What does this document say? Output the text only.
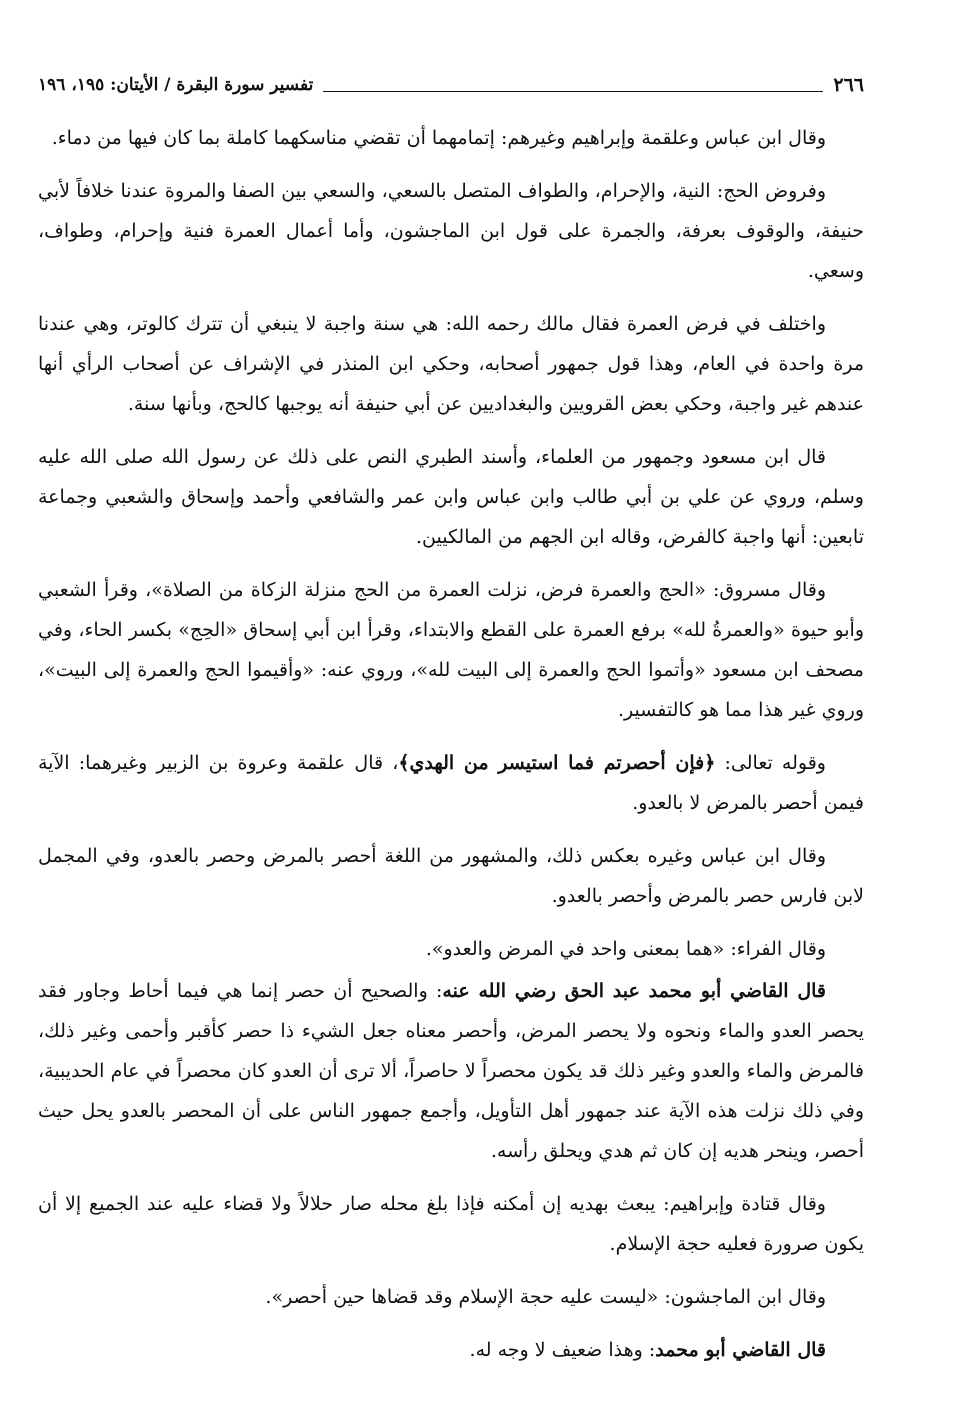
٢٦٦
تفسير سورة البقرة / الأيتان: ١٩٥، ١٩٦

وقال ابن عباس وعلقمة وإبراهيم وغيرهم: إتمامهما أن تقضي مناسكهما كاملة بما كان فيها من دماء.

وفروض الحج: النية، والإحرام، والطواف المتصل بالسعي، والسعي بين الصفا والمروة عندنا خلافاً لأبي حنيفة، والوقوف بعرفة، والجمرة على قول ابن الماجشون، وأما أعمال العمرة فنية وإحرام، وطواف، وسعي.

واختلف في فرض العمرة فقال مالك رحمه الله: هي سنة واجبة لا ينبغي أن تترك كالوتر، وهي عندنا مرة واحدة في العام، وهذا قول جمهور أصحابه، وحكي ابن المنذر في الإشراف عن أصحاب الرأي أنها عندهم غير واجبة، وحكي بعض القرويين والبغداديين عن أبي حنيفة أنه يوجبها كالحج، وبأنها سنة.

قال ابن مسعود وجمهور من العلماء، وأسند الطبري النص على ذلك عن رسول الله صلى الله عليه وسلم، وروي عن علي بن أبي طالب وابن عباس وابن عمر والشافعي وأحمد وإسحاق والشعبي وجماعة تابعين: أنها واجبة كالفرض، وقاله ابن الجهم من المالكيين.

وقال مسروق: «الحج والعمرة فرض، نزلت العمرة من الحج منزلة الزكاة من الصلاة»، وقرأ الشعبي وأبو حيوة «والعمرةُ لله» برفع العمرة على القطع والابتداء، وقرأ ابن أبي إسحاق «الحِج» بكسر الحاء، وفي مصحف ابن مسعود «وأتموا الحج والعمرة إلى البيت لله»، وروي عنه: «وأقيموا الحج والعمرة إلى البيت»، وروي غير هذا مما هو كالتفسير.

وقوله تعالى: ﴿فإن أحصرتم فما استيسر من الهدي﴾، قال علقمة وعروة بن الزبير وغيرهما: الآية فيمن أحصر بالمرض لا بالعدو.

وقال ابن عباس وغيره بعكس ذلك، والمشهور من اللغة أحصر بالمرض وحصر بالعدو، وفي المجمل لابن فارس حصر بالمرض وأحصر بالعدو.

وقال الفراء: «هما بمعنى واحد في المرض والعدو».

قال القاضي أبو محمد عبد الحق رضي الله عنه: والصحيح أن حصر إنما هي فيما أحاط وجاور فقد يحصر العدو والماء ونحوه ولا يحصر المرض، وأحصر معناه جعل الشيء ذا حصر كأقبر وأحمى وغير ذلك، فالمرض والماء والعدو وغير ذلك قد يكون محصراً لا حاصراً، ألا ترى أن العدو كان محصراً في عام الحديبية، وفي ذلك نزلت هذه الآية عند جمهور أهل التأويل، وأجمع جمهور الناس على أن المحصر بالعدو يحل حيث أحصر، وينحر هديه إن كان ثم هدي ويحلق رأسه.

وقال قتادة وإبراهيم: يبعث بهديه إن أمكنه فإذا بلغ محله صار حلالاً ولا قضاء عليه عند الجميع إلا أن يكون صرورة فعليه حجة الإسلام.

وقال ابن الماجشون: «ليست عليه حجة الإسلام وقد قضاها حين أحصر».

قال القاضي أبو محمد: وهذا ضعيف لا وجه له.
